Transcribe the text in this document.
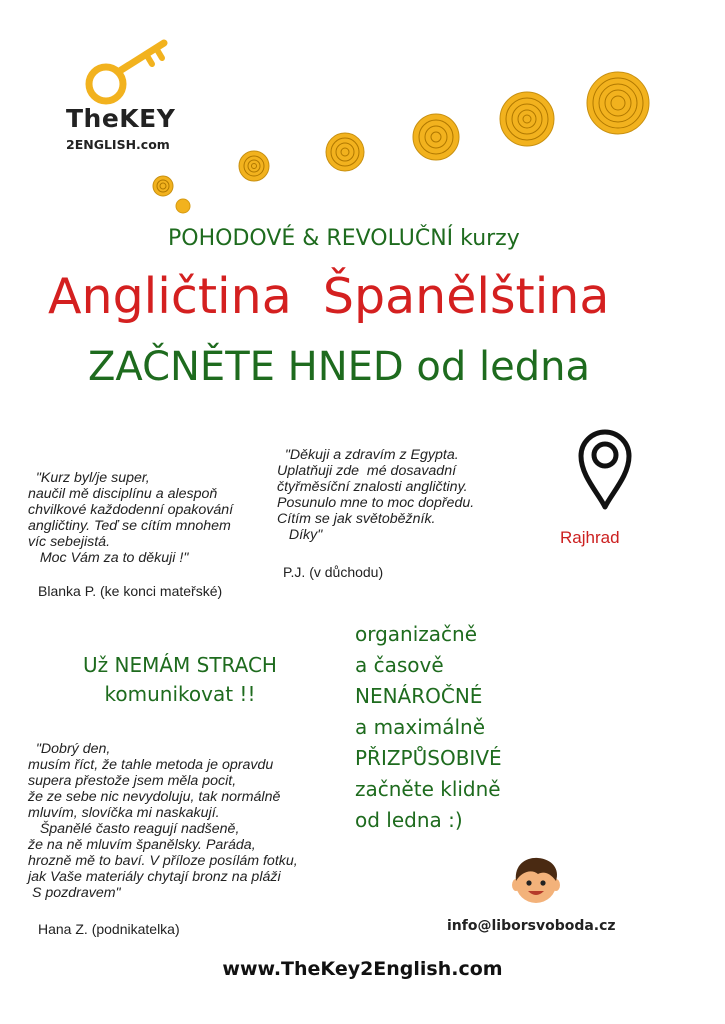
TheKEY
2ENGLISH.com
POHODOVÉ & REVOLUČNÍ kurzy
Angličtina  Španělština
ZAČNĚTE HNED od ledna
"Kurz byl/je super,
naučil mě disciplínu a alespoň
chvilkové každodenní opakování
angličtiny. Teď se cítím mnohem
víc sebejistá.
Moc Vám za to děkuji !"
Blanka P. (ke konci mateřské)
"Děkuji a zdravím z Egypta.
Uplatňuji zde  mé dosavadní
čtyřměsíční znalosti angličtiny.
Posunulo mne to moc dopředu.
Cítím se jak světoběžník.
Díky"
P.J. (v důchodu)
Rajhrad
Už NEMÁM STRACH
komunikovat !!
organizačně
a časově
NENÁROČNÉ
a maximálně
PŘIZPŮSOBIVÉ
začněte klidně
od ledna :)
"Dobrý den,
musím říct, že tahle metoda je opravdu
supera přestože jsem měla pocit,
že ze sebe nic nevydoluju, tak normálně
mluvím, slovíčka mi naskakují.
Španělé často reagují nadšeně,
že na ně mluvím španělsky. Paráda,
hrozně mě to baví. V příloze posílám fotku,
jak Vaše materiály chytají bronz na pláži
S pozdravem"
Hana Z. (podnikatelka)	info@liborsvoboda.cz
www.TheKey2English.com
